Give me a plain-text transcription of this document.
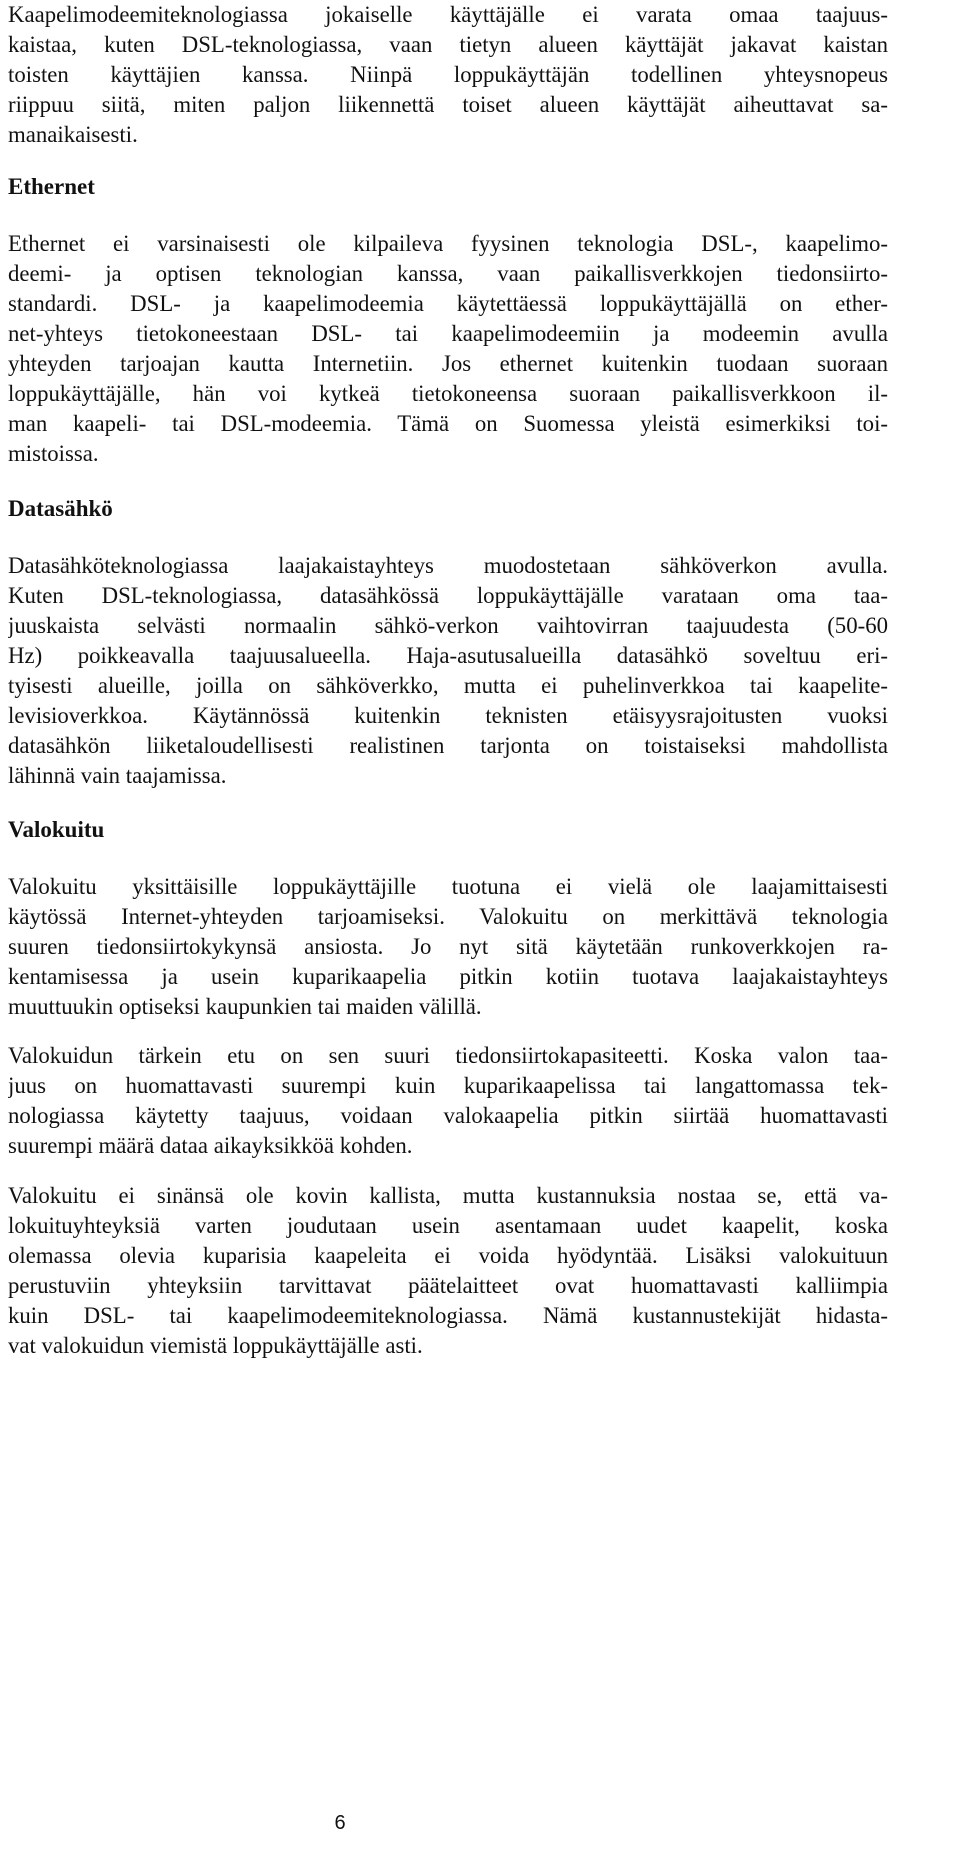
Kaapelimodeemiteknologiassa jokaiselle käyttäjälle ei varata omaa taajuus-
kaistaa, kuten DSL-teknologiassa, vaan tietyn alueen käyttäjät jakavat kaistan
toisten käyttäjien kanssa. Niinpä loppukäyttäjän todellinen yhteysnopeus
riippuu siitä, miten paljon liikennettä toiset alueen käyttäjät aiheuttavat sa-
manaikaisesti.
Ethernet
Ethernet ei varsinaisesti ole kilpaileva fyysinen teknologia DSL-, kaapelimo-
deemi- ja optisen teknologian kanssa, vaan paikallisverkkojen tiedonsiirto-
standardi. DSL- ja kaapelimodeemia käytettäessä loppukäyttäjällä on ether-
net-yhteys tietokoneestaan DSL- tai kaapelimodeemiin ja modeemin avulla
yhteyden tarjoajan kautta Internetiin. Jos ethernet kuitenkin tuodaan suoraan
loppukäyttäjälle, hän voi kytkeä tietokoneensa suoraan paikallisverkkoon il-
man kaapeli- tai DSL-modeemia. Tämä on Suomessa yleistä esimerkiksi toi-
mistoissa.
Datasähkö
Datasähköteknologiassa laajakaistayhteys muodostetaan sähköverkon avulla.
Kuten DSL-teknologiassa, datasähkössä loppukäyttäjälle varataan oma taa-
juuskaista selvästi normaalin sähkö-verkon vaihtovirran taajuudesta (50-60
Hz) poikkeavalla taajuusalueella. Haja-asutusalueilla datasähkö soveltuu eri-
tyisesti alueille, joilla on sähköverkko, mutta ei puhelinverkkoa tai kaapelite-
levisioverkkoa. Käytännössä kuitenkin teknisten etäisyysrajoitusten vuoksi
datasähkön liiketaloudellisesti realistinen tarjonta on toistaiseksi mahdollista
lähinnä vain taajamissa.
Valokuitu
Valokuitu yksittäisille loppukäyttäjille tuotuna ei vielä ole laajamittaisesti
käytössä Internet-yhteyden tarjoamiseksi. Valokuitu on merkittävä teknologia
suuren tiedonsiirtokykynsä ansiosta. Jo nyt sitä käytetään runkoverkkojen ra-
kentamisessa ja usein kuparikaapelia pitkin kotiin tuotava laajakaistayhteys
muuttuukin optiseksi kaupunkien tai maiden välillä.
Valokuidun tärkein etu on sen suuri tiedonsiirtokapasiteetti. Koska valon taa-
juus on huomattavasti suurempi kuin kuparikaapelissa tai langattomassa tek-
nologiassa käytetty taajuus, voidaan valokaapelia pitkin siirtää huomattavasti
suurempi määrä dataa aikayksikköä kohden.
Valokuitu ei sinänsä ole kovin kallista, mutta kustannuksia nostaa se, että va-
lokuituyhteyksiä varten joudutaan usein asentamaan uudet kaapelit, koska
olemassa olevia kuparisia kaapeleita ei voida hyödyntää. Lisäksi valokuituun
perustuviin yhteyksiin tarvittavat päätelaitteet ovat huomattavasti kalliimpia
kuin DSL- tai kaapelimodeemiteknologiassa. Nämä kustannustekijät hidasta-
vat valokuidun viemistä loppukäyttäjälle asti.
6
